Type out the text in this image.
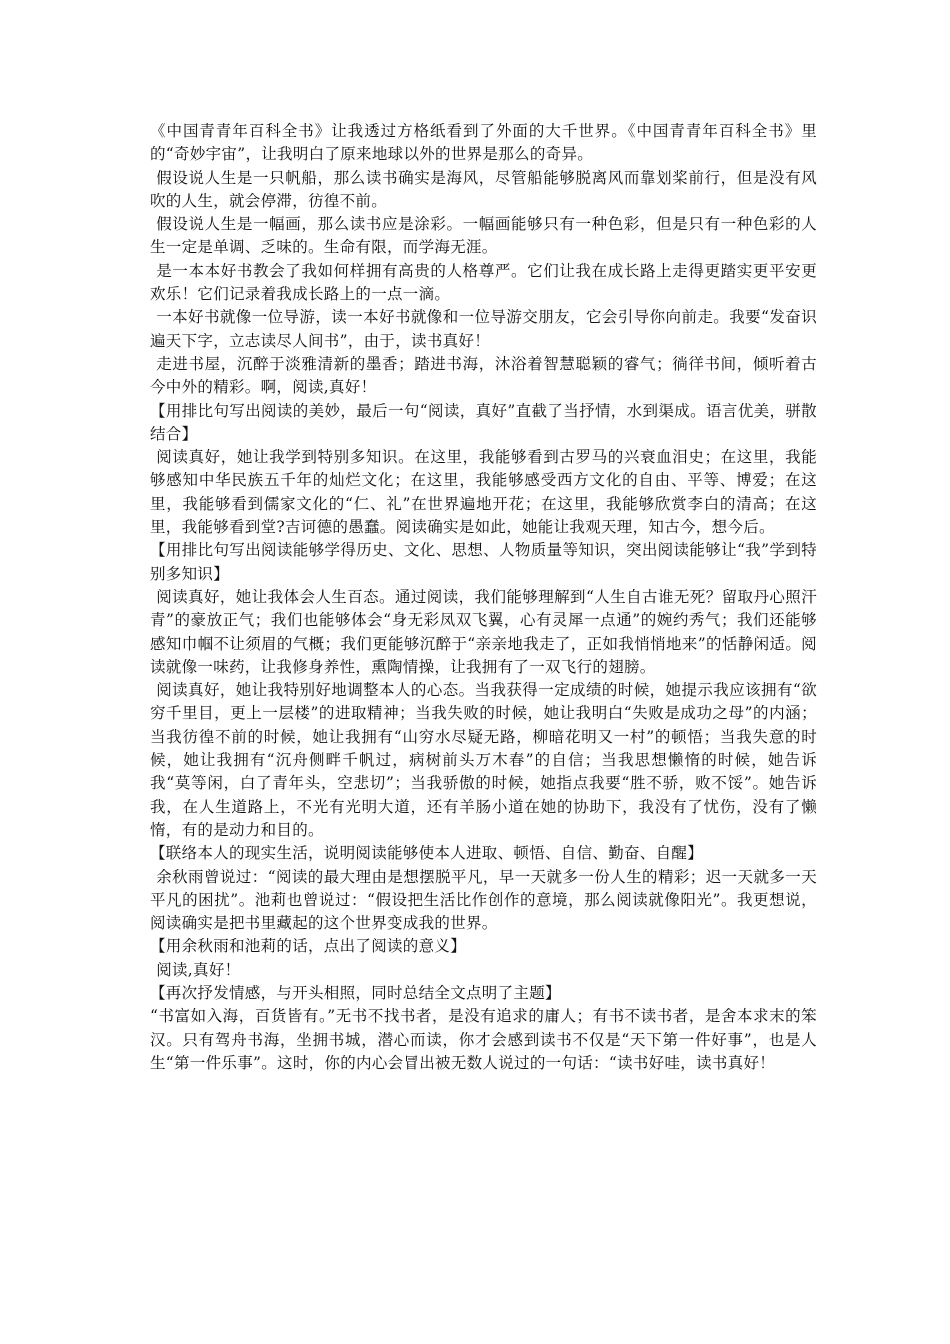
《中国青青年百科全书》让我透过方格纸看到了外面的大千世界。《中国青青年百科全书》里的“奇妙宇宙”，让我明白了原来地球以外的世界是那么的奇异。

假设说人生是一只帆船，那么读书确实是海风，尽管船能够脱离风而靠划桨前行，但是没有风吹的人生，就会停滞，彷徨不前。

假设说人生是一幅画，那么读书应是涂彩。一幅画能够只有一种色彩，但是只有一种色彩的人生一定是单调、乏味的。生命有限，而学海无涯。

是一本本好书教会了我如何样拥有高贵的人格尊严。它们让我在成长路上走得更踏实更平安更欢乐！它们记录着我成长路上的一点一滴。

一本好书就像一位导游，读一本好书就像和一位导游交朋友，它会引导你向前走。我要“发奋识遍天下字，立志读尽人间书”，由于，读书真好！

走进书屋，沉醉于淡雅清新的墨香；踏进书海，沐浴着智慧聪颖的睿气；徜徉书间，倾听着古今中外的精彩。啊，阅读,真好！

【用排比句写出阅读的美妙，最后一句“阅读，真好”直截了当抒情，水到渠成。语言优美，骈散结合】

阅读真好，她让我学到特别多知识。在这里，我能够看到古罗马的兴衰血泪史；在这里，我能够感知中华民族五千年的灿烂文化；在这里，我能够感受西方文化的自由、平等、博爱；在这里，我能够看到儒家文化的“仁、礼”在世界遍地开花；在这里，我能够欣赏李白的清高；在这里，我能够看到堂?吉诃德的愚蠢。阅读确实是如此，她能让我观天理，知古今，想今后。

【用排比句写出阅读能够学得历史、文化、思想、人物质量等知识，突出阅读能够让“我”学到特别多知识】

阅读真好，她让我体会人生百态。通过阅读，我们能够理解到“人生自古谁无死？留取丹心照汗青”的豪放正气；我们也能够体会“身无彩凤双飞翼，心有灵犀一点通”的婉约秀气；我们还能够感知巾帼不让须眉的气概；我们更能够沉醉于“亲亲地我走了，正如我悄悄地来”的恬静闲适。阅读就像一味药，让我修身养性，熏陶情操，让我拥有了一双飞行的翅膀。

阅读真好，她让我特别好地调整本人的心态。当我获得一定成绩的时候，她提示我应该拥有“欲穷千里目，更上一层楼”的进取精神；当我失败的时候，她让我明白“失败是成功之母”的内涵；当我彷徨不前的时候，她让我拥有“山穷水尽疑无路，柳暗花明又一村”的顿悟；当我失意的时候，她让我拥有“沉舟侧畔千帆过，病树前头万木春”的自信；当我思想懒惰的时候，她告诉我“莫等闲，白了青年头，空悲切”；当我骄傲的时候，她指点我要“胜不骄，败不馁”。她告诉我，在人生道路上，不光有光明大道，还有羊肠小道在她的协助下，我没有了忧伤，没有了懒惰，有的是动力和目的。

【联络本人的现实生活，说明阅读能够使本人进取、顿悟、自信、勤奋、自醒】

余秋雨曾说过：“阅读的最大理由是想摆脱平凡，早一天就多一份人生的精彩；迟一天就多一天平凡的困扰”。池莉也曾说过：“假设把生活比作创作的意境，那么阅读就像阳光”。我更想说，阅读确实是把书里藏起的这个世界变成我的世界。

【用余秋雨和池莉的话，点出了阅读的意义】

阅读,真好！

【再次抒发情感，与开头相照，同时总结全文点明了主题】

“书富如入海，百货皆有。”无书不找书者，是没有追求的庸人；有书不读书者，是舍本求末的笨汉。只有驾舟书海，坐拥书城，潜心而读，你才会感到读书不仅是“天下第一件好事”，也是人生“第一件乐事”。这时，你的内心会冒出被无数人说过的一句话：“读书好哇，读书真好！
